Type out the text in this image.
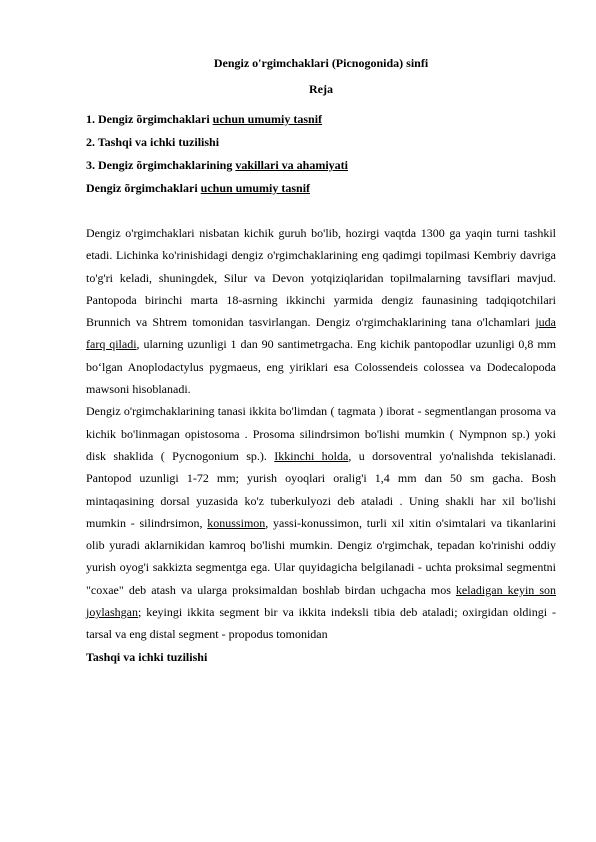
Dengiz o'rgimchaklari (Picnogonida) sinfi

Reja

1. Dengiz õrgimchaklari uchun umumiy tasnif

2. Tashqi va ichki tuzilishi

3. Dengiz õrgimchaklarining vakillari va ahamiyati

Dengiz õrgimchaklari uchun umumiy tasnif

Dengiz o'rgimchaklari nisbatan kichik guruh bo'lib, hozirgi vaqtda 1300 ga yaqin turni tashkil etadi. Lichinka ko'rinishidagi dengiz o'rgimchaklarining eng qadimgi topilmasi Kembriy davriga to'g'ri keladi, shuningdek, Silur va Devon yotqiziqlaridan topilmalarning tavsiflari mavjud. Pantopoda birinchi marta 18-asrning ikkinchi yarmida dengiz faunasining tadqiqotchilari Brunnich va Shtrem tomonidan tasvirlangan. Dengiz o'rgimchaklarining tana o'lchamlari juda farq qiladi, ularning uzunligi 1 dan 90 santimetrgacha. Eng kichik pantopodlar uzunligi 0,8 mm bo‘lgan Anoplodactylus pygmaeus, eng yiriklari esa Colossendeis colossea va Dodecalopoda mawsoni hisoblanadi.

Dengiz o'rgimchaklarining tanasi ikkita bo'limdan ( tagmata ) iborat - segmentlangan prosoma va kichik bo'linmagan opistosoma . Prosoma silindrsimon bo'lishi mumkin ( Nympnon sp.) yoki disk shaklida ( Pycnogonium sp.). Ikkinchi holda, u dorsoventral yo'nalishda tekislanadi. Pantopod uzunligi 1-72 mm; yurish oyoqlari oralig'i 1,4 mm dan 50 sm gacha. Bosh mintaqasining dorsal yuzasida ko'z tuberkulyozi deb ataladi . Uning shakli har xil bo'lishi mumkin - silindrsimon, konussimon, yassi-konussimon, turli xil xitin o'simtalari va tikanlarini olib yuradi aklarnikidan kamroq bo'lishi mumkin. Dengiz o'rgimchak, tepadan ko'rinishi oddiy yurish oyog'i sakkizta segmentga ega. Ular quyidagicha belgilanadi - uchta proksimal segmentni "coxae" deb atash va ularga proksimaldan boshlab birdan uchgacha mos keladigan keyin son joylashgan; keyingi ikkita segment bir va ikkita indeksli tibia deb ataladi; oxirgidan oldingi - tarsal va eng distal segment - propodus tomonidan

Tashqi va ichki tuzilishi
